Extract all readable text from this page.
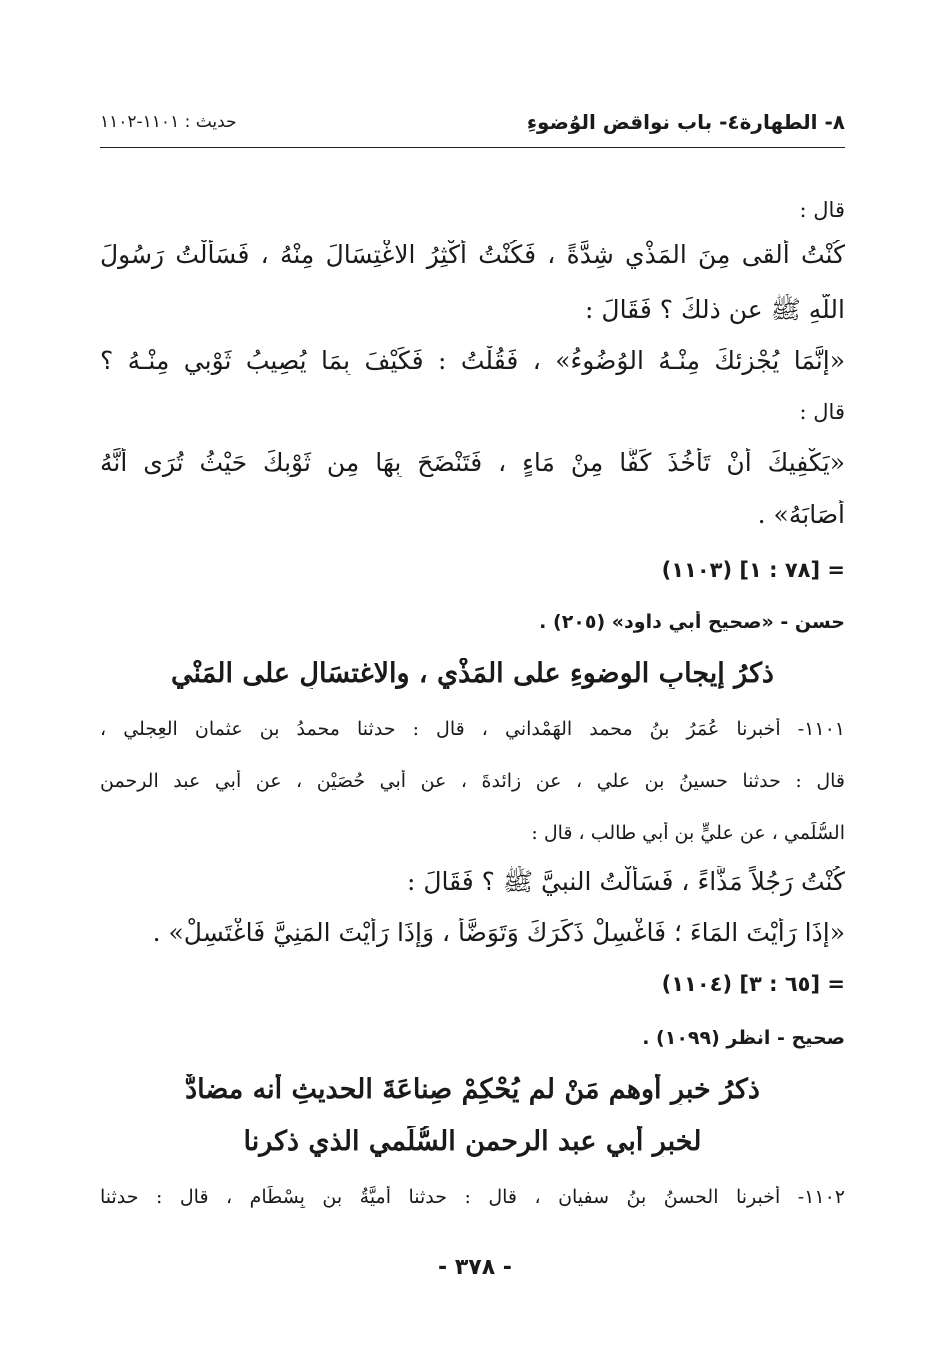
٨- الطهارة٤- باب نواقض الوُضوءِ
حديث : ١١٠١-١١٠٢
قال :
كُنْتُ أَلقى مِنَ المَذْيِ شِدَّةً ، فَكُنْتُ أُكْثِرُ الاغْتِسَالَ مِنْهُ ، فَسَأَلْتُ رَسُولَ
اللَّهِ ﷺ عن ذلكَ ؟ فَقَالَ :
«إِنَّمَا يُجْزِئكَ مِنْـهُ الوُضُوءُ» ، فَقُلْتُ : فَكَيْفَ بِمَا يُصِيبُ ثَوْبي مِنْـهُ ؟
قال :
«يَكْفِيكَ أَنْ تَأْخُذَ كَفًّا مِنْ مَاءٍ ، فَتَنْضَحَ بِهَا مِن ثَوْبِكَ حَيْثُ تُرَى أَنَّهُ
أَصَابَهُ» .
= [٧٨ : ١] (١١٠٣)
حسن - «صحيح أبي داود» (٢٠٥) .
ذكرُ إيجابِ الوضوءِ على المَذْيِ ، والاغتسَالِ على المَنْيِ
١١٠١- أخبرنا عُمَرُ بنُ محمد الهَمْداني ، قال : حدثنا محمدُ بن عثمان العِجلي ،
قال : حدثنا حسينُ بن علي ، عن زائدةَ ، عن أبي حُصَيْن ، عن أبي عبد الرحمن
السُّلَمي ، عن عليٍّ بنِ أبي طالب ، قال :
كُنْتُ رَجُلاً مَذَّاءً ، فَسَأَلْتُ النبيَّ ﷺ ؟ فَقَالَ :
«إذَا رَأَيْتَ المَاءَ ؛ فَاغْسِلْ ذَكَرَكَ وَتَوَضَّأْ ، وَإِذَا رَأَيْتَ المَنِيَّ فَاغْتَسِلْ» .
= [٦٥ : ٣] (١١٠٤)
صحيح - انظر (١٠٩٩) .
ذكرُ خبرٍ أوهم مَنْ لم يُحْكِمْ صِناعَةَ الحديثِ أنه مضادٌّ
لخبرِ أبي عبد الرحمن السُّلَمي الذي ذكرنا
١١٠٢- أخبرنا الحسنُ بنُ سفيان ، قال : حدثنا أميَّةُ بن بِسْطَام ، قال : حدثنا
- ٣٧٨ -
